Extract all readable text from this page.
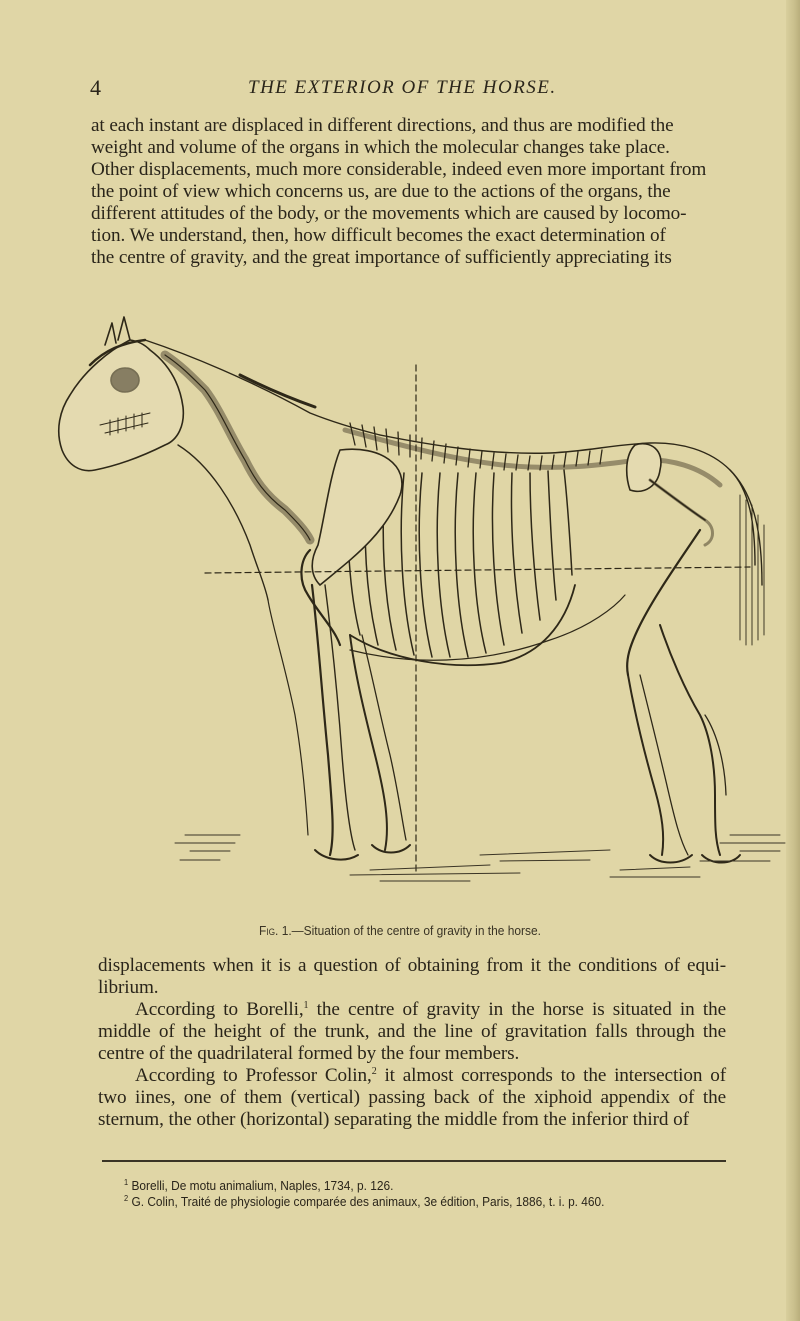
4	THE EXTERIOR OF THE HORSE.

at each instant are displaced in different directions, and thus are modified the

weight and volume of the organs in which the molecular changes take place.

Other displacements, much more considerable, indeed even more important from

the point of view which concerns us, are due to the actions of the organs, the

different attitudes of the body, or the movements which are caused by locomo-

tion. We understand, then, how difficult becomes the exact determination of

the centre of gravity, and the great importance of sufficiently appreciating its

Fig. 1.—Situation of the centre of gravity in the horse.

displacements when it is a question of obtaining from it the conditions of equi-

librium.

According to Borelli,$^1$ the centre of gravity in the horse is situated in the middle of the height of the trunk, and the line of gravitation falls through the centre of the quadrilateral formed by the four members.

According to Professor Colin,$^2$ it almost corresponds to the intersection of two iines, one of them (vertical) passing back of the xiphoid appendix of the sternum, the other (horizontal) separating the middle from the inferior third of

$^1$ Borelli, De motu animalium, Naples, 1734, p. 126.

$^2$ G. Colin, Traité de physiologie comparée des animaux, 3e édition, Paris, 1886, t. i. p. 460.
